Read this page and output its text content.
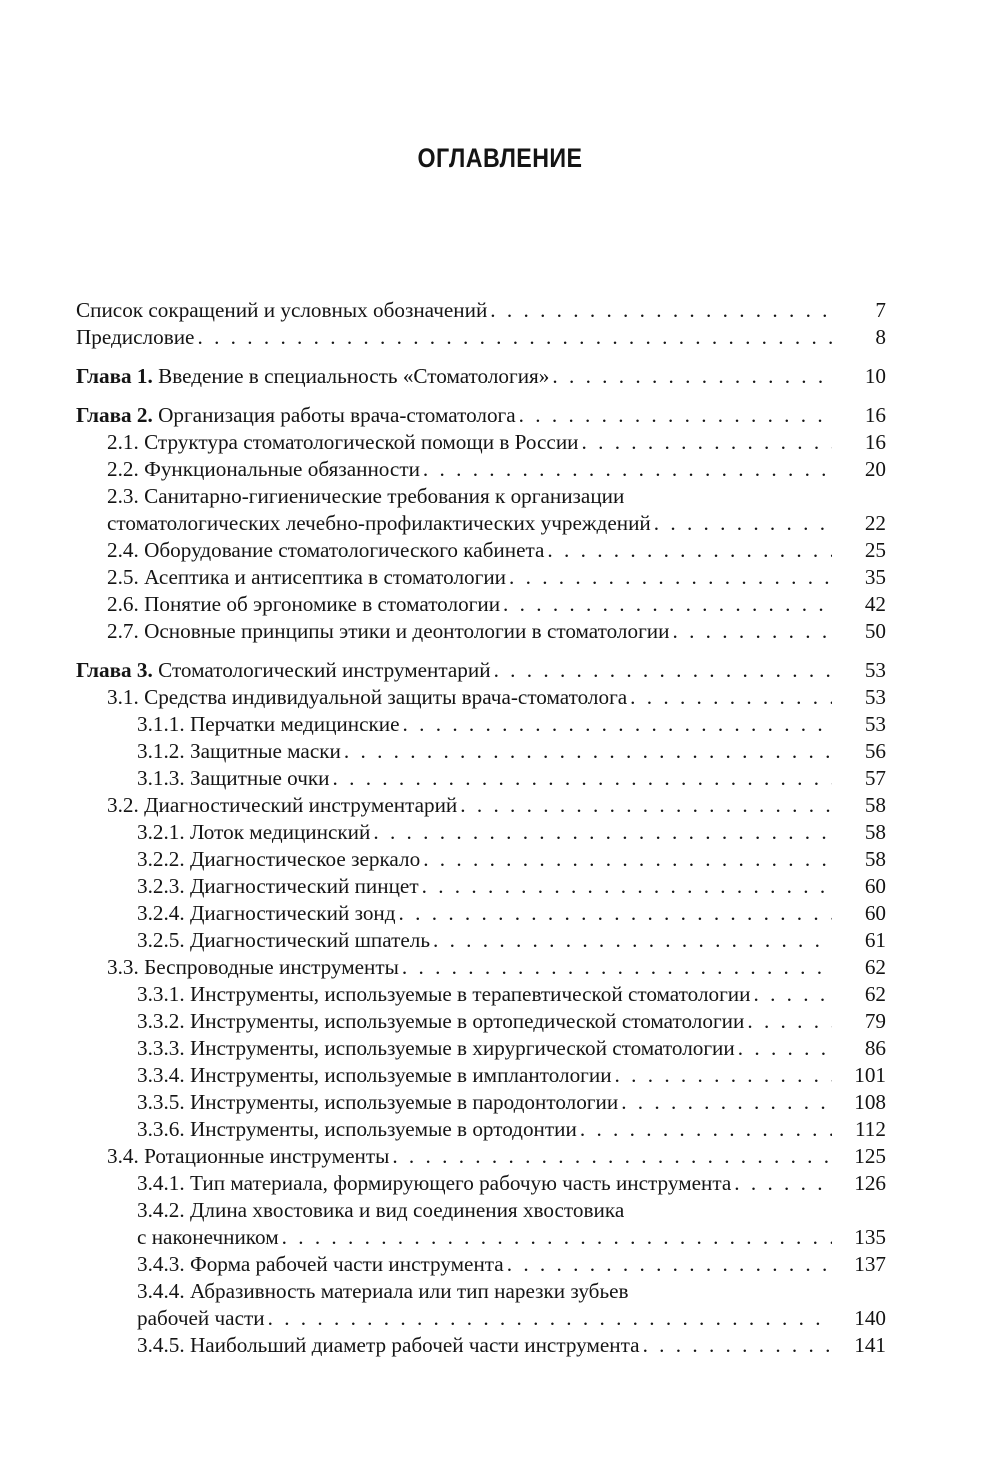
ОГЛАВЛЕНИЕ
Список сокращений и условных обозначений . . .	7
Предисловие . . .	8
Глава 1. Введение в специальность «Стоматология» . . .	10
Глава 2. Организация работы врача-стоматолога . . .	16
2.1. Структура стоматологической помощи в России . . .	16
2.2. Функциональные обязанности . . .	20
2.3. Санитарно-гигиенические требования к организации
стоматологических лечебно-профилактических учреждений . . .	22
2.4. Оборудование стоматологического кабинета . . .	25
2.5. Асептика и антисептика в стоматологии . . .	35
2.6. Понятие об эргономике в стоматологии . . .	42
2.7. Основные принципы этики и деонтологии в стоматологии . . .	50
Глава 3. Стоматологический инструментарий . . .	53
3.1. Средства индивидуальной защиты врача-стоматолога . . .	53
3.1.1. Перчатки медицинские . . .	53
3.1.2. Защитные маски . . .	56
3.1.3. Защитные очки . . .	57
3.2. Диагностический инструментарий . . .	58
3.2.1. Лоток медицинский . . .	58
3.2.2. Диагностическое зеркало . . .	58
3.2.3. Диагностический пинцет . . .	60
3.2.4. Диагностический зонд . . .	60
3.2.5. Диагностический шпатель . . .	61
3.3. Беспроводные инструменты . . .	62
3.3.1. Инструменты, используемые в терапевтической стоматологии . . .	62
3.3.2. Инструменты, используемые в ортопедической стоматологии . . .	79
3.3.3. Инструменты, используемые в хирургической стоматологии . . .	86
3.3.4. Инструменты, используемые в имплантологии . . .	101
3.3.5. Инструменты, используемые в пародонтологии . . .	108
3.3.6. Инструменты, используемые в ортодонтии . . .	112
3.4. Ротационные инструменты . . .	125
3.4.1. Тип материала, формирующего рабочую часть инструмента . . .	126
3.4.2. Длина хвостовика и вид соединения хвостовика
с наконечником . . .	135
3.4.3. Форма рабочей части инструмента . . .	137
3.4.4. Абразивность материала или тип нарезки зубьев
рабочей части . . .	140
3.4.5. Наибольший диаметр рабочей части инструмента . . .	141
